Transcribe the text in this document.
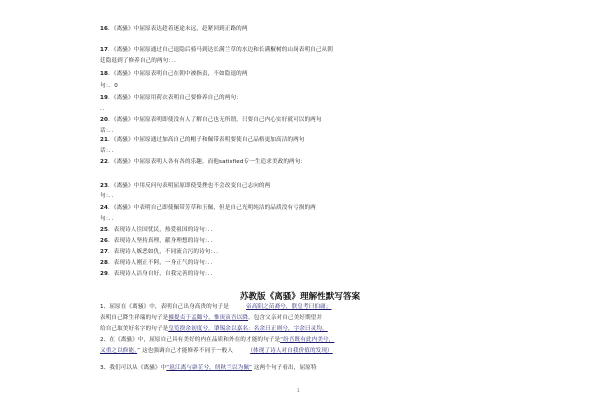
16．《离骚》中屈原表达趁着迷途未远，赶紧回到正路的两
17．《离骚》中屈原通过自己退隐后骑马到达长满兰草的水边和长满椒树的山岗表明自己从朝
廷隐退到了修养自己的两句：．．
18．《离骚》中屈原表明自己在朝中被指责，不如隐退的两
句：．0
19．《离骚》中屈原用荷衣表明自己要修养自己的两句：
．．
20．《离骚》中屈原表明即使没有人了解自己也无所谓，只要自己内心实好就可以的两句
话：．．
21．《离骚》中屈原通过加高自己的帽子和佩带表明要使自己品格更加高洁的两句
话：．．
22．《离骚》中屈原表明人各有各的乐趣，而他satisfied专一生追求美政的两句：
23．《离骚》中用反问句表明屈原即使受挫也不会改变自己志向的两
句：．．
24．《离骚》中表明自己即使佩带芳草和玉佩，但是自己光明纯洁的品质没有亏损的两
句：．．
25．表现诗人往国忧民，热爱祖国的诗句：．．
26．表现诗人坚持真理，献身理想的诗句：．．
27．表现诗人嫉恶如仇，不同流合污的诗句：．．
28．表现诗人刚正不阿，一身正气的诗句：．．
29．表现诗人洁身自好，自我完善的诗句：．．
苏教版《离骚》理解性默写答案
1、屈原在《离骚》中，表明自己出身高贵的句子是　　　	帝高阳之苗裔兮，朕皇考曰伯庸；
表明自己降生祥瑞的句子是摄提贞于孟陬兮，惟庚寅吾以降。包含父亲对自己美好期望并
给自己取美好名字的句子是皇览揆余初度兮，肇锡余以嘉名：名余曰正则兮，字余曰灵均。
2、在《离骚》中，屈原自己具有美好的内在品质和外在的才能的句子是“纷吾既有此内美兮，
又重之以修能。” 这也强调自己才能修养不同于一般人　　　	（体现了诗人对自我价值的发现）
3、我们可以从《离骚》中“扈江离与辟芷兮，纫秋兰以为佩” 这两个句子看出，屈原特
1
